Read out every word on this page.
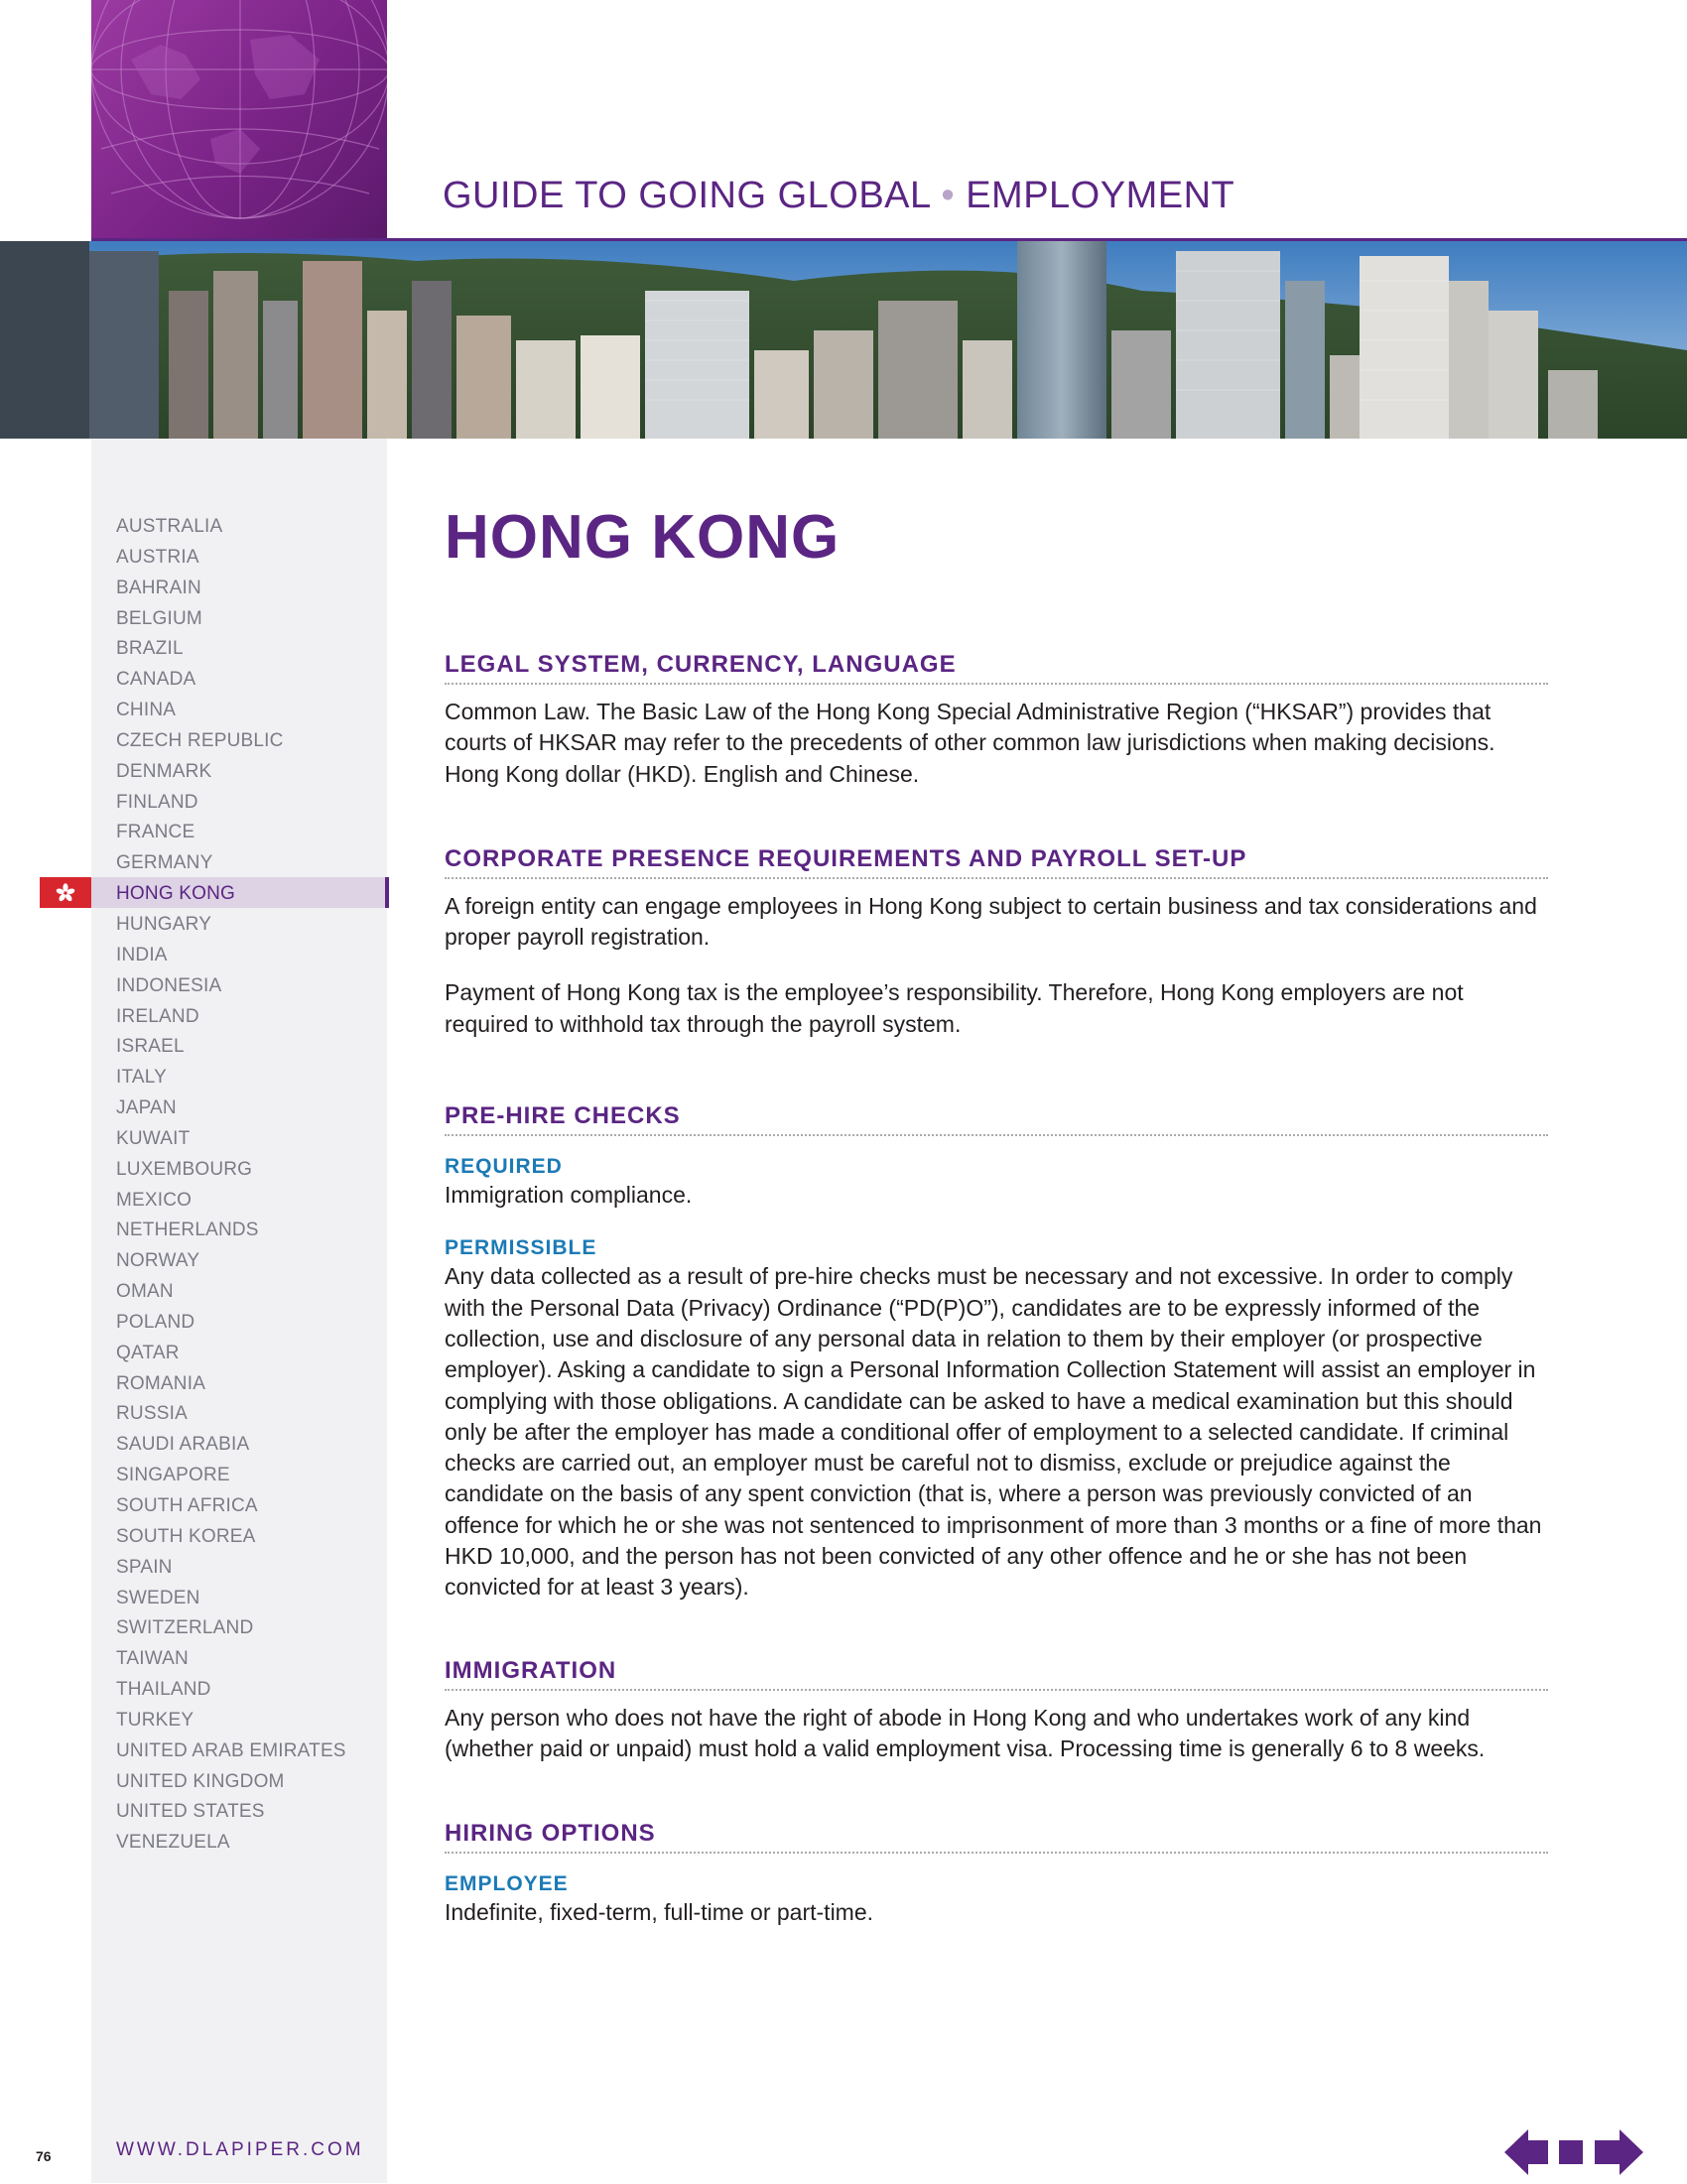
GUIDE TO GOING GLOBAL • EMPLOYMENT
AUSTRALIA
AUSTRIA
BAHRAIN
BELGIUM
BRAZIL
CANADA
CHINA
CZECH REPUBLIC
DENMARK
FINLAND
FRANCE
GERMANY
HONG KONG
HUNGARY
INDIA
INDONESIA
IRELAND
ISRAEL
ITALY
JAPAN
KUWAIT
LUXEMBOURG
MEXICO
NETHERLANDS
NORWAY
OMAN
POLAND
QATAR
ROMANIA
RUSSIA
SAUDI ARABIA
SINGAPORE
SOUTH AFRICA
SOUTH KOREA
SPAIN
SWEDEN
SWITZERLAND
TAIWAN
THAILAND
TURKEY
UNITED ARAB EMIRATES
UNITED KINGDOM
UNITED STATES
VENEZUELA
HONG KONG
LEGAL SYSTEM, CURRENCY, LANGUAGE

Common Law. The Basic Law of the Hong Kong Special Administrative Region (“HKSAR”) provides that courts of HKSAR may refer to the precedents of other common law jurisdictions when making decisions. Hong Kong dollar (HKD). English and Chinese.

CORPORATE PRESENCE REQUIREMENTS AND PAYROLL SET-UP

A foreign entity can engage employees in Hong Kong subject to certain business and tax considerations and proper payroll registration.

Payment of Hong Kong tax is the employee’s responsibility. Therefore, Hong Kong employers are not required to withhold tax through the payroll system.

PRE-HIRE CHECKS
REQUIRED

Immigration compliance.

PERMISSIBLE

Any data collected as a result of pre-hire checks must be necessary and not excessive. In order to comply with the Personal Data (Privacy) Ordinance (“PD(P)O”), candidates are to be expressly informed of the collection, use and disclosure of any personal data in relation to them by their employer (or prospective employer). Asking a candidate to sign a Personal Information Collection Statement will assist an employer in complying with those obligations. A candidate can be asked to have a medical examination but this should only be after the employer has made a conditional offer of employment to a selected candidate. If criminal checks are carried out, an employer must be careful not to dismiss, exclude or prejudice against the candidate on the basis of any spent conviction (that is, where a person was previously convicted of an offence for which he or she was not sentenced to imprisonment of more than 3 months or a fine of more than HKD 10,000, and the person has not been convicted of any other offence and he or she has not been convicted for at least 3 years).

IMMIGRATION

Any person who does not have the right of abode in Hong Kong and who undertakes work of any kind (whether paid or unpaid) must hold a valid employment visa. Processing time is generally 6 to 8 weeks.

HIRING OPTIONS
EMPLOYEE

Indefinite, fixed-term, full-time or part-time.

76	WWW.DLAPIPER.COM
